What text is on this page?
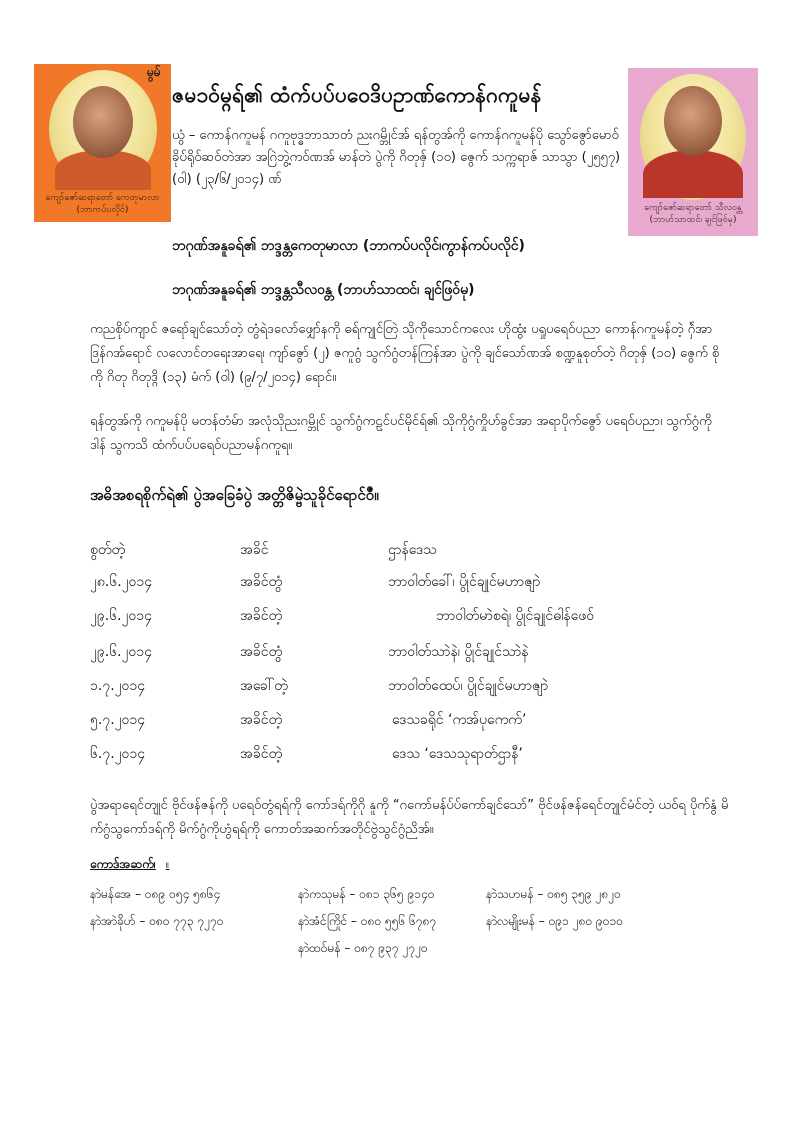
ကျော်ဇော်ဆရာတော် ကေတုမာလာ
(ဘာကပ်ပလိုင်)
မွမ်
ကျော်ဇော်ဆရာတော် သီလဝန္တ
(ဘာဟ်သာထင်၊ ချင်ဖြဝ်မု)
ဇမၥဝ်မ္ဂရ်၏ ထံက်ပပ်ပဝေဒိပဥာဏ်ကောန်ဂကူမန်
ယွံ – ကောန်ဂကူမန် ဂကူဗုဒ္ဓဘာသာတံ ညးဂမ္ဘိုင်အ် ရန်တွအ်ကို ကောန်ဂကူမန်ပို သွော်ဇွော်မောဝ် ခိုပ်ရိုဝ်ဆဝ်တဲအာ အဂြဲဘွဲ့ကဝ်ဏအ် မာန်တဲ ပွဲကို ဂိတုဇှ် (၁၀) ဇွေက် သက္ကရာဇ် သာသွာ (၂၅၅၇) (ဝါ) (၂၃/၆/၂၀၁၄) ဏ်
ဘဂုဏ်အနူခရ်၏ ဘဒ္ဒန္တကေတုမာလာ (ဘာကပ်ပလိုင်၊ကွာန်ကပ်ပလိုင်)
ဘဂုဏ်အနူခရ်၏ ဘဒ္ဒန္တသီလဝန္တ (ဘာဟ်သာထင်၊ ချင်ဖြဝ်မု)
ကညစိုပ်ကျာင် ဇရော်ချင်သော်တဲ့ တွံရဲဒလော်ဖျှော်နကို ဓရ်ကျုင်တြဲ သိုကိုသောင်ကလေး ဟိုထွံး ပရှုပရေဝ်ပညာ ကောန်ဂကူမန်တဲ့ ဂှ်ဲအာဒြန်ဂအ်ရောင် လလောင်တရေးအာရေ၊ ကျာ်ဇွော် (၂) ဇကူဂွံ သွက်ဂွံတန်ကြန်အာ ပွဲကို ချင်သော်ဏအ် စဏ္ဍနူစုတ်တဲ့ ဂိတုဇှ် (၁၀) ဇွေက် စိုကို ဂိတု ဂိတုဒ္ဂိ (၁၃) မံက် (ဝါ) (၉/၇/၂၀၁၄) ရောင်။
ရန်တွအ်ကို ဂကူမန်ပို မတန်တံမ်ာ အလုံသိုညးဂမ္ဘိုင် သွက်ဂွံကဠင်ပင်မိုင်ရ်၏ သိုကိုဂွံကှိုဟ်ခွင်အာ အရာပိုက်ဇွော် ပရေဝ်ပညာ၊ သွက်ဂွံကိုဒါန် သွကသိ ထံက်ပပ်ပရေဝ်ပညာမန်ဂကူရ။
အဓိအစရစိုက်ရဲ၏ ပွဲအခြေခံပွဲ အတ္တိဇိမ္ဗဲသူခိုင်ရောင်ဝဳ။
စွတ်တဲ့	အခိင်	ဌာန်ဒေသ
၂၈.၆.၂၀၁၄	အခိင်တွံ	ဘာဝါတ်ခေါ်၊ ပွိုင်ချုင်မဟာဇျာဲ
၂၉.၆.၂၀၁၄	အခိင်တဲ့	ဘာဝါတ်မာဲစရဲ၊ ပွိုင်ချုင်ဓါန်ဖေဝ်
၂၉.၆.၂၀၁၄	အခိင်တွံ	ဘာဝါတ်သာဲနဲ၊ ပွိုင်ချုင်သာဲနဲ
၁.၇.၂၀၁၄	အခေါ်တဲ့	ဘာဝါတ်ထေပ်၊ ပွိုင်ချုင်မဟာဇျာဲ
၅.၇.၂၀၁၄	အခိင်တဲ့	ဒေသခရိုင် ‘ကအ်ပုကေက်’
၆.၇.၂၀၁၄	အခိင်တဲ့	ဒေသ ‘ဒေသသုရာတ်ဌာနီ’
ပွဲအရာရေင်တျုင် ဗိုင်ဖန်ဇန်ကို ပရေဝ်တွံရရ်ကို ကော်ဒရ်ကိုဂို နူကို “ဂကော်မန်ပ်ပ်ကော်ချင်သော်” ဗိုင်ဖန်ဇန်ရေင်တျုင်မံင်တဲ့ ယဝ်ရ ပိုက်နွံ မိက်ဂွံသွကော်ဒရ်ကို မိက်ဂွံကိုဟွံရရ်ကို ကောတ်အဆက်အတိုင်ဗွဲသွင်ဂွံညိအ်။
ကောဒ်အဆက်၊ ။
နာဲမန်အေ – ၀၈၉ ၀၅၄ ၅၈၆၄	နာဲကသုမန် – ၀၈၁ ၃၆၅ ၉၁၄၀	နာဲသဟမန် – ၀၈၅ ၃၅၉ ၂၈၂၀
နာဲအာဲခိုဟ် – ၀၈၀ ၇၇၃ ၇၂၇၀	နာဲအံင်ကြိုင် – ၀၈၀ ၅၅၆ ၆၇၈၇	နာဲလမျိုးမန် – ၀၉၁ ၂၈၀ ၉၀၁၀
နာဲထဝ်မန် – ၀၈၇ ၉၃၇ ၂၇၂၀
